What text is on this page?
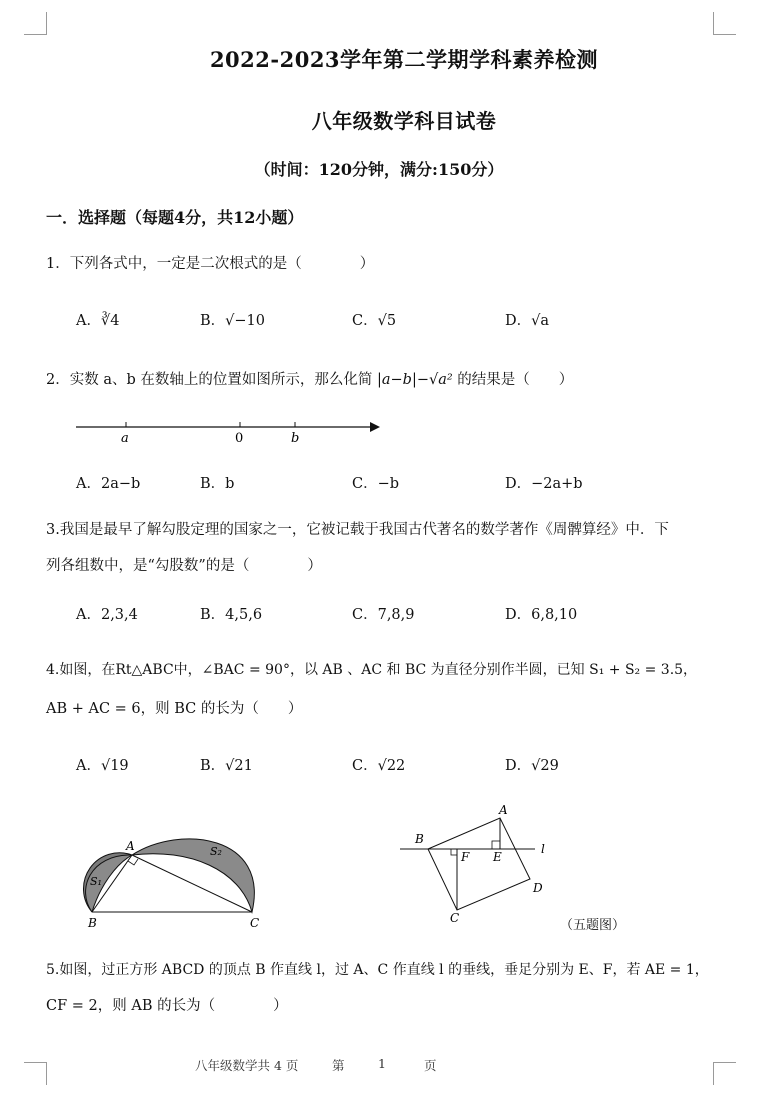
2022-2023学年第二学期学科素养检测
八年级数学科目试卷
（时间：120分钟，满分:150分）
一．选择题（每题4分，共12小题）
1．下列各式中，一定是二次根式的是（　　　　）
A．∛4	B．√−10	C．√5	D．√a
2．实数 a、b 在数轴上的位置如图所示，那么化简 |a−b|−√a² 的结果是（　　）
a	0	b
A．2a−b	B．b	C．−b	D．−2a+b
3.我国是最早了解勾股定理的国家之一，它被记载于我国古代著名的数学著作《周髀算经》中．下
列各组数中，是“勾股数”的是（　　　　）
A．2,3,4	B．4,5,6	C．7,8,9	D．6,8,10
4.如图，在Rt△ABC中，∠BAC = 90°，以 AB 、AC 和 BC 为直径分别作半圆，已知 S₁ + S₂ = 3.5，
AB + AC = 6，则 BC 的长为（　　）
A．√19	B．√21	C．√22	D．√29
A
B	C
S₁
S₂
A
B
C
D
E
F
l
（五题图）
5.如图，过正方形 ABCD 的顶点 B 作直线 l，过 A、C 作直线 l 的垂线，垂足分别为 E、F，若 AE = 1，
CF = 2，则 AB 的长为（　　　　）
八年级数学共 4 页	第	1	页
